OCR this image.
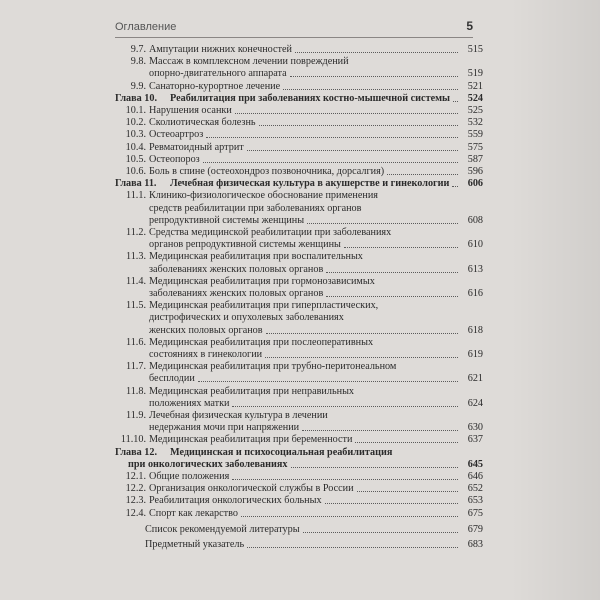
Оглавление	5
9.7. Ампутации нижних конечностей	515
9.8. Массаж в комплексном лечении повреждений
опорно-двигательного аппарата	519
9.9. Санаторно-курортное лечение	521
Глава 10. Реабилитация при заболеваниях костно-мышечной системы	524
10.1. Нарушения осанки	525
10.2. Сколиотическая болезнь	532
10.3. Остеоартроз	559
10.4. Ревматоидный артрит	575
10.5. Остеопороз	587
10.6. Боль в спине (остеохондроз позвоночника, дорсалгия)	596
Глава 11. Лечебная физическая культура в акушерстве и гинекологии	606
11.1. Клинико-физиологическое обоснование применения
средств реабилитации при заболеваниях органов
репродуктивной системы женщины	608
11.2. Средства медицинской реабилитации при заболеваниях
органов репродуктивной системы женщины	610
11.3. Медицинская реабилитация при воспалительных
заболеваниях женских половых органов	613
11.4. Медицинская реабилитация при гормонозависимых
заболеваниях женских половых органов	616
11.5. Медицинская реабилитация при гиперпластических,
дистрофических и опухолевых заболеваниях
женских половых органов	618
11.6. Медицинская реабилитация при послеоперативных
состояниях в гинекологии	619
11.7. Медицинская реабилитация при трубно-перитонеальном
бесплодии	621
11.8. Медицинская реабилитация при неправильных
положениях матки	624
11.9. Лечебная физическая культура в лечении
недержания мочи при напряжении	630
11.10. Медицинская реабилитация при беременности	637
Глава 12. Медицинская и психосоциальная реабилитация
при онкологических заболеваниях	645
12.1. Общие положения	646
12.2. Организация онкологической службы в России	652
12.3. Реабилитация онкологических больных	653
12.4. Спорт как лекарство	675
Список рекомендуемой литературы	679
Предметный указатель	683
